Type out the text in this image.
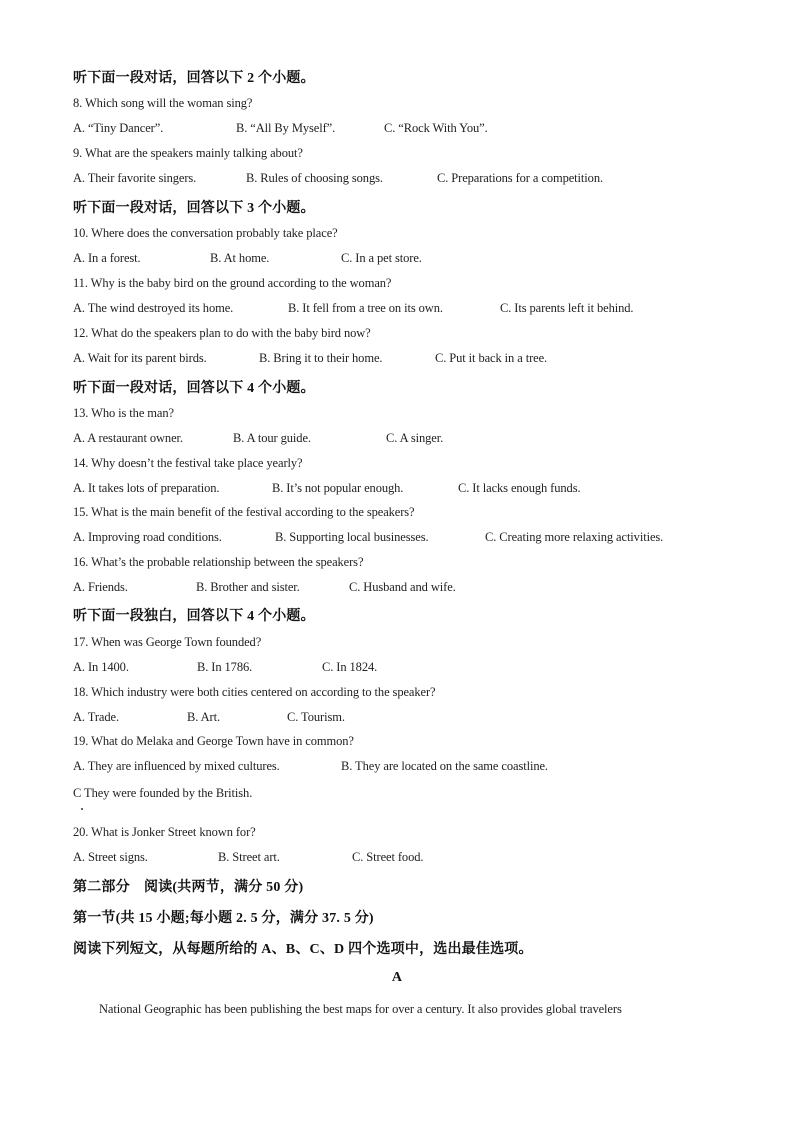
听下面一段对话，回答以下 2 个小题。
8. Which song will the woman sing?
A. “Tiny Dancer”.	B. “All By Myself”.	C. “Rock With You”.
9. What are the speakers mainly talking about?
A. Their favorite singers.	B. Rules of choosing songs.	C. Preparations for a competition.
听下面一段对话，回答以下 3 个小题。
10. Where does the conversation probably take place?
A. In a forest.	B. At home.	C. In a pet store.
11. Why is the baby bird on the ground according to the woman?
A. The wind destroyed its home.	B. It fell from a tree on its own.	C. Its parents left it behind.
12. What do the speakers plan to do with the baby bird now?
A. Wait for its parent birds.	B. Bring it to their home.	C. Put it back in a tree.
听下面一段对话，回答以下 4 个小题。
13. Who is the man?
A. A restaurant owner.	B. A tour guide.	C. A singer.
14. Why doesn’t the festival take place yearly?
A. It takes lots of preparation.	B. It’s not popular enough.	C. It lacks enough funds.
15. What is the main benefit of the festival according to the speakers?
A. Improving road conditions.	B. Supporting local businesses.	C. Creating more relaxing activities.
16. What’s the probable relationship between the speakers?
A. Friends.	B. Brother and sister.	C. Husband and wife.
听下面一段独白，回答以下 4 个小题。
17. When was George Town founded?
A. In 1400.	B. In 1786.	C. In 1824.
18. Which industry were both cities centered on according to the speaker?
A. Trade.	B. Art.	C. Tourism.
19. What do Melaka and George Town have in common?
A. They are influenced by mixed cultures.	B. They are located on the same coastline.
C They were founded by the British.
20. What is Jonker Street known for?
A. Street signs.	B. Street art.	C. Street food.
第二部分　阅读(共两节，满分 50 分)
第一节(共 15 小题;每小题 2. 5 分，满分 37. 5 分)
阅读下列短文，从每题所给的 A、B、C、D 四个选项中，选出最佳选项。
A
National Geographic has been publishing the best maps for over a century. It also provides global travelers
